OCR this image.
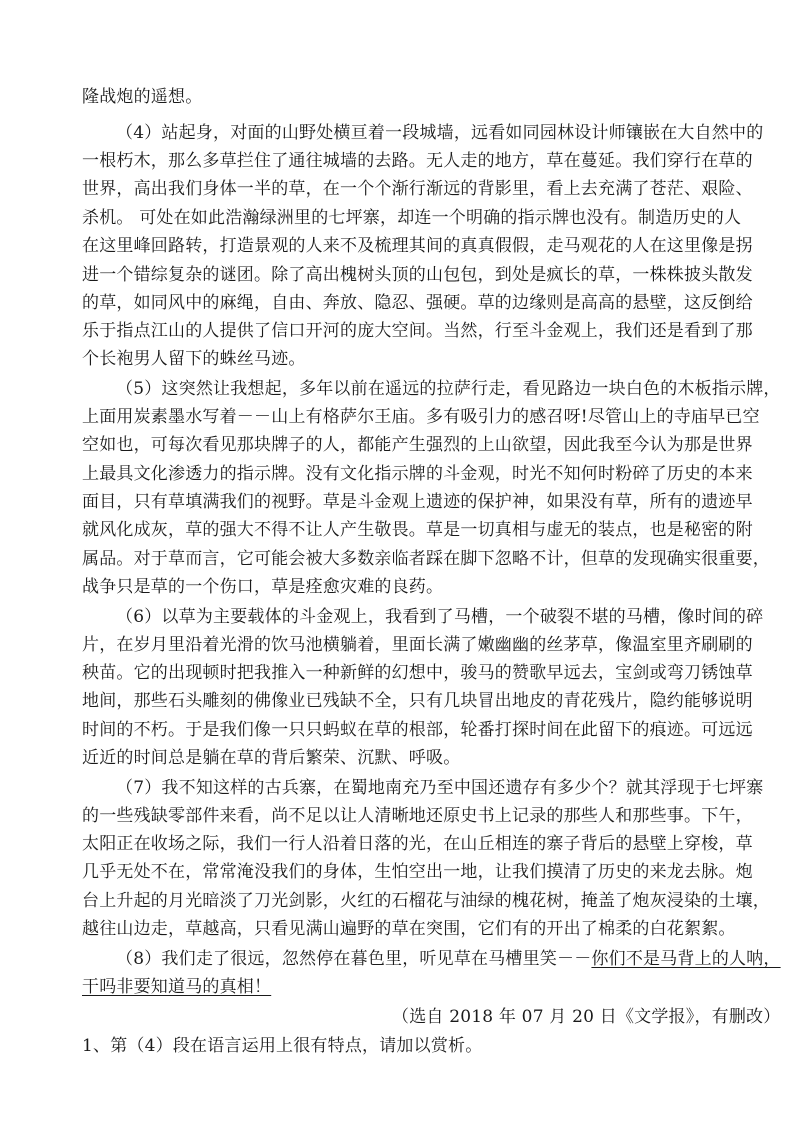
隆战炮的遥想。
（4）站起身，对面的山野处横亘着一段城墙，远看如同园林设计师镶嵌在大自然中的
一根朽木，那么多草拦住了通往城墙的去路。无人走的地方，草在蔓延。我们穿行在草的
世界，高出我们身体一半的草，在一个个渐行渐远的背影里，看上去充满了苍茫、艰险、
杀机。 可处在如此浩瀚绿洲里的七坪寨，却连一个明确的指示牌也没有。制造历史的人
在这里峰回路转，打造景观的人来不及梳理其间的真真假假，走马观花的人在这里像是拐
进一个错综复杂的谜团。除了高出槐树头顶的山包包，到处是疯长的草，一株株披头散发
的草，如同风中的麻绳，自由、奔放、隐忍、强硬。草的边缘则是高高的悬壁，这反倒给
乐于指点江山的人提供了信口开河的庞大空间。当然，行至斗金观上，我们还是看到了那
个长袍男人留下的蛛丝马迹。
（5）这突然让我想起，多年以前在遥远的拉萨行走，看见路边一块白色的木板指示牌，
上面用炭素墨水写着－－山上有格萨尔王庙。多有吸引力的感召呀!尽管山上的寺庙早已空
空如也，可每次看见那块牌子的人，都能产生强烈的上山欲望，因此我至今认为那是世界
上最具文化渗透力的指示牌。没有文化指示牌的斗金观，时光不知何时粉碎了历史的本来
面目，只有草填满我们的视野。草是斗金观上遗迹的保护神，如果没有草，所有的遗迹早
就风化成灰，草的强大不得不让人产生敬畏。草是一切真相与虚无的装点，也是秘密的附
属品。对于草而言，它可能会被大多数亲临者踩在脚下忽略不计，但草的发现确实很重要，
战争只是草的一个伤口，草是痊愈灾难的良药。
（6）以草为主要载体的斗金观上，我看到了马槽，一个破裂不堪的马槽，像时间的碎
片，在岁月里沿着光滑的饮马池横躺着，里面长满了嫩幽幽的丝茅草，像温室里齐刷刷的
秧苗。它的出现顿时把我推入一种新鲜的幻想中，骏马的赞歌早远去，宝剑或弯刀锈蚀草
地间，那些石头雕刻的佛像业已残缺不全，只有几块冒出地皮的青花残片，隐约能够说明
时间的不朽。于是我们像一只只蚂蚁在草的根部，轮番打探时间在此留下的痕迹。可远远
近近的时间总是躺在草的背后繁荣、沉默、呼吸。
（7）我不知这样的古兵寨，在蜀地南充乃至中国还遗存有多少个？就其浮现于七坪寨
的一些残缺零部件来看，尚不足以让人清晰地还原史书上记录的那些人和那些事。下午，
太阳正在收场之际，我们一行人沿着日落的光，在山丘相连的寨子背后的悬壁上穿梭，草
几乎无处不在，常常淹没我们的身体，生怕空出一地，让我们摸清了历史的来龙去脉。炮
台上升起的月光暗淡了刀光剑影，火红的石榴花与油绿的槐花树，掩盖了炮灰浸染的土壤，
越往山边走，草越高，只看见满山遍野的草在突围，它们有的开出了棉柔的白花絮絮。
（8）我们走了很远，忽然停在暮色里，听见草在马槽里笑－－你们不是马背上的人呐，
干吗非要知道马的真相！
（选自 2018 年 07 月 20 日《文学报》，有删改）
1、第（4）段在语言运用上很有特点，请加以赏析。
